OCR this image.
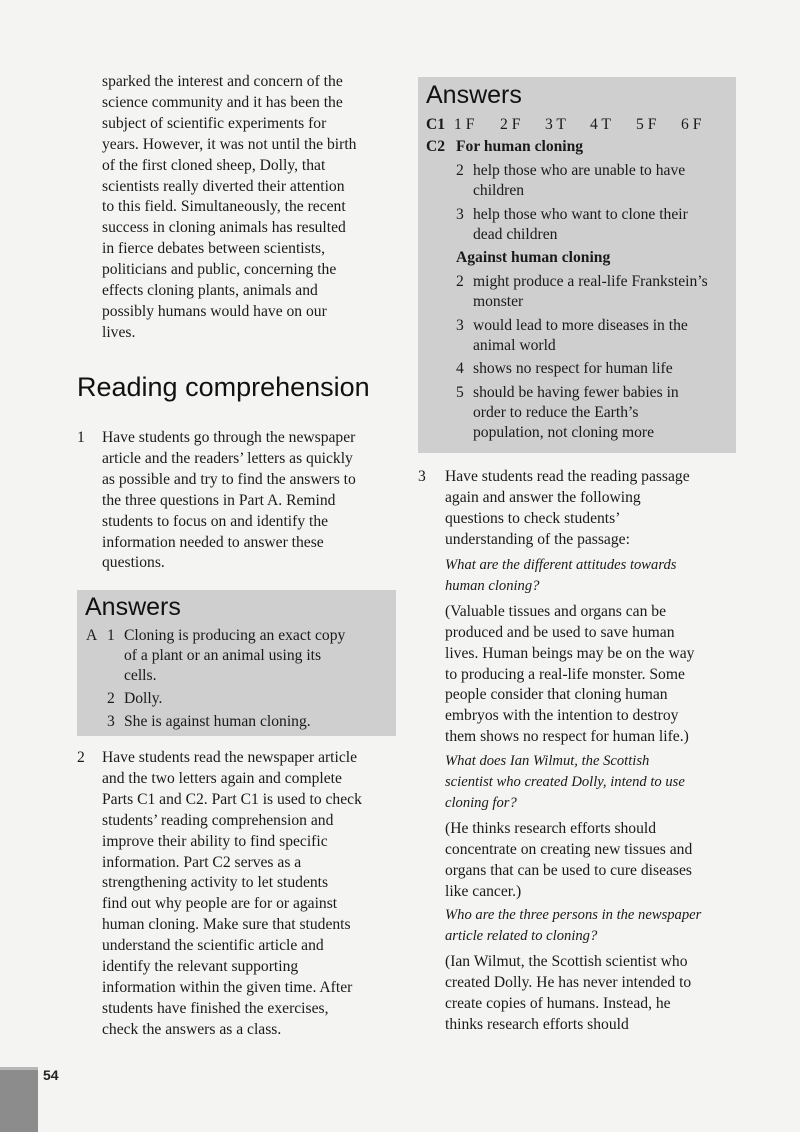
sparked the interest and concern of the
science community and it has been the
subject of scientific experiments for
years. However, it was not until the birth
of the first cloned sheep, Dolly, that
scientists really diverted their attention
to this field. Simultaneously, the recent
success in cloning animals has resulted
in fierce debates between scientists,
politicians and public, concerning the
effects cloning plants, animals and
possibly humans would have on our
lives.
Reading comprehension
1 Have students go through the newspaper
article and the readers’ letters as quickly
as possible and try to find the answers to
the three questions in Part A. Remind
students to focus on and identify the
information needed to answer these
questions.
Answers
A 1 Cloning is producing an exact copy
of a plant or an animal using its
cells.
2 Dolly.
3 She is against human cloning.
2 Have students read the newspaper article
and the two letters again and complete
Parts C1 and C2. Part C1 is used to check
students’ reading comprehension and
improve their ability to find specific
information. Part C2 serves as a
strengthening activity to let students
find out why people are for or against
human cloning. Make sure that students
understand the scientific article and
identify the relevant supporting
information within the given time. After
students have finished the exercises,
check the answers as a class.
Answers
C1 1 F 2 F 3 T 4 T 5 F 6 F
C2 For human cloning
2 help those who are unable to have
children
3 help those who want to clone their
dead children
Against human cloning
2 might produce a real-life Frankstein’s
monster
3 would lead to more diseases in the
animal world
4 shows no respect for human life
5 should be having fewer babies in
order to reduce the Earth’s
population, not cloning more
3 Have students read the reading passage
again and answer the following
questions to check students’
understanding of the passage:
What are the different attitudes towards
human cloning?
(Valuable tissues and organs can be
produced and be used to save human
lives. Human beings may be on the way
to producing a real-life monster. Some
people consider that cloning human
embryos with the intention to destroy
them shows no respect for human life.)
What does Ian Wilmut, the Scottish
scientist who created Dolly, intend to use
cloning for?
(He thinks research efforts should
concentrate on creating new tissues and
organs that can be used to cure diseases
like cancer.)
Who are the three persons in the newspaper
article related to cloning?
(Ian Wilmut, the Scottish scientist who
created Dolly. He has never intended to
create copies of humans. Instead, he
thinks research efforts should
54
